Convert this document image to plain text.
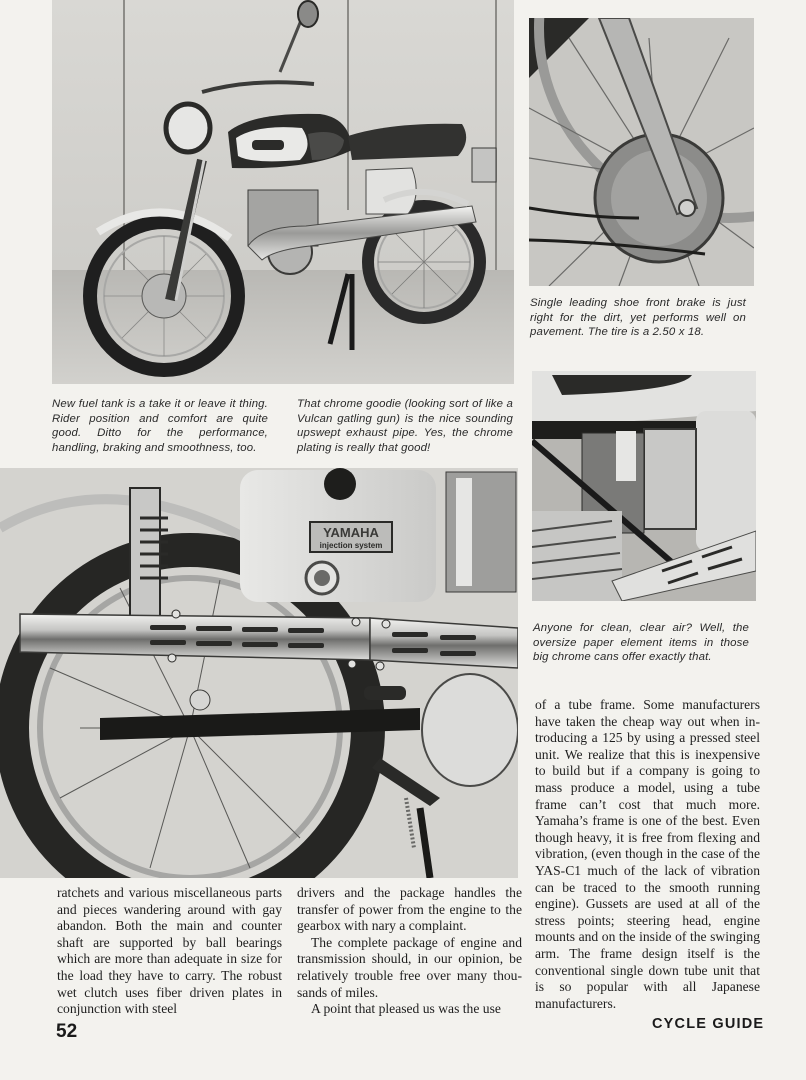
Single leading shoe front brake is just right for the dirt, yet performs well on pavement. The tire is a 2.50 x 18.
New fuel tank is a take it or leave it thing. Rider position and comfort are quite good. Ditto for the performance, handling, braking and smoothness, too.
That chrome goodie (looking sort of like a Vulcan gatling gun) is the nice sounding upswept exhaust pipe. Yes, the chrome plating is really that good!
Anyone for clean, clear air? Well, the oversize paper element items in those big chrome cans offer exactly that.
YAMAHA
injection system

ratchets and various miscellaneous parts and pieces wandering around with gay abandon. Both the main and counter shaft are supported by ball bearings which are more than adequate in size for the load they have to carry. The robust wet clutch uses fiber driven plates in conjunction with steel

drivers and the package handles the transfer of power from the engine to the gearbox with nary a complaint.

The complete package of engine and transmission should, in our opinion, be relatively trouble free over many thousands of miles.

A point that pleased us was the use

of a tube frame. Some manufacturers have taken the cheap way out when introducing a 125 by using a pressed steel unit. We realize that this is inexpensive to build but if a company is going to mass produce a model, using a tube frame can’t cost that much more. Yamaha’s frame is one of the best. Even though heavy, it is free from flexing and vibration, (even though in the case of the YAS-C1 much of the lack of vibration can be traced to the smooth running engine). Gussets are used at all of the stress points; steering head, engine mounts and on the inside of the swinging arm. The frame design itself is the conventional single down tube unit that is so popular with all Japanese manufacturers.

52	CYCLE GUIDE
